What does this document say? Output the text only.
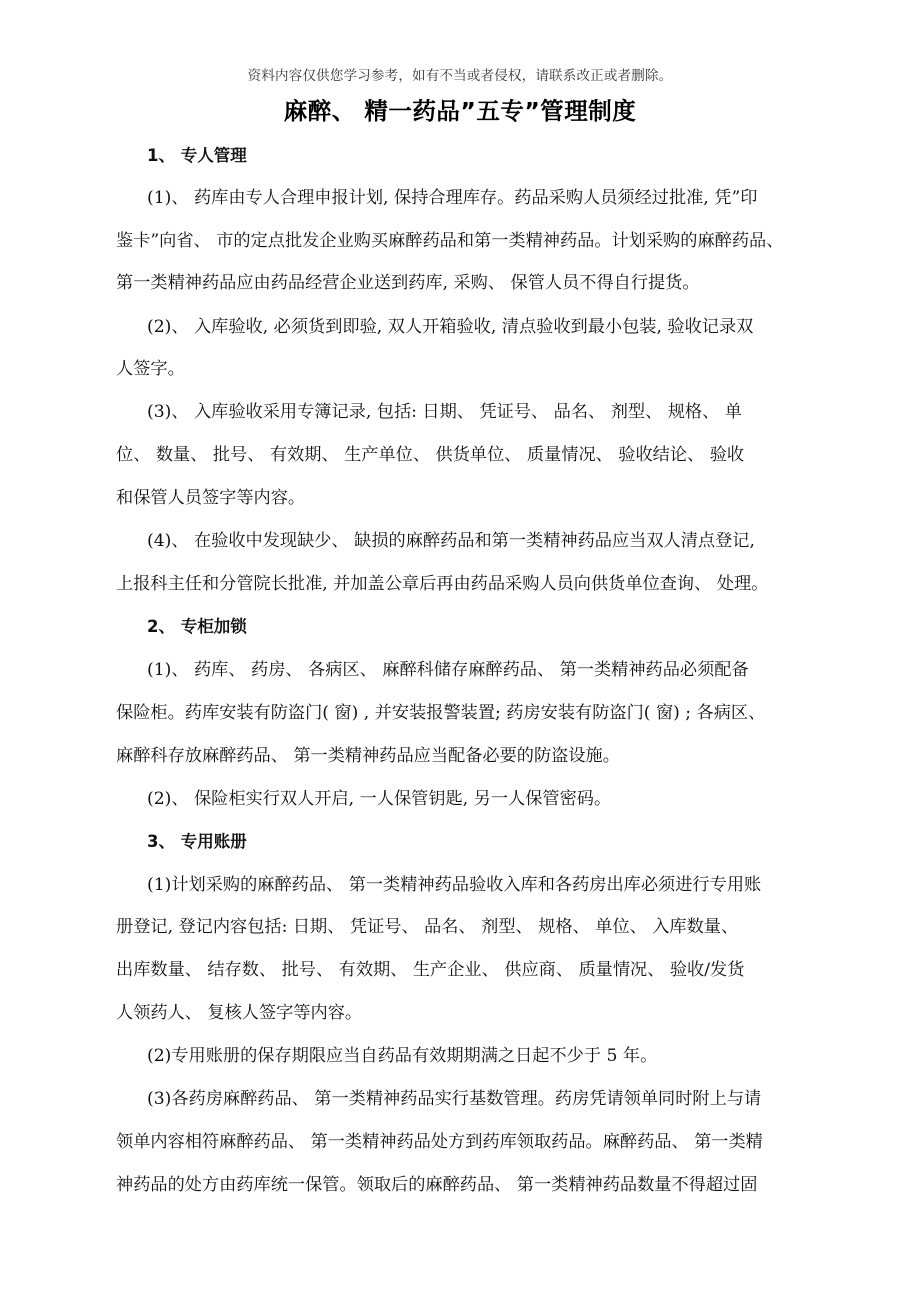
资料内容仅供您学习参考，如有不当或者侵权，请联系改正或者删除。
麻醉、 精一药品”五专”管理制度
1、 专人管理
(1)、 药库由专人合理申报计划, 保持合理库存。药品采购人员须经过批准, 凭”印
鉴卡”向省、 市的定点批发企业购买麻醉药品和第一类精神药品。计划采购的麻醉药品、
第一类精神药品应由药品经营企业送到药库, 采购、 保管人员不得自行提货。
(2)、 入库验收, 必须货到即验, 双人开箱验收, 清点验收到最小包装, 验收记录双
人签字。
(3)、 入库验收采用专簿记录, 包括: 日期、 凭证号、 品名、 剂型、 规格、 单
位、 数量、 批号、 有效期、 生产单位、 供货单位、 质量情况、 验收结论、 验收
和保管人员签字等内容。
(4)、 在验收中发现缺少、 缺损的麻醉药品和第一类精神药品应当双人清点登记,
上报科主任和分管院长批准, 并加盖公章后再由药品采购人员向供货单位查询、 处理。
2、 专柜加锁
(1)、 药库、 药房、 各病区、 麻醉科储存麻醉药品、 第一类精神药品必须配备
保险柜。药库安装有防盗门( 窗) , 并安装报警装置; 药房安装有防盗门( 窗) ; 各病区、
麻醉科存放麻醉药品、 第一类精神药品应当配备必要的防盗设施。
(2)、 保险柜实行双人开启, 一人保管钥匙, 另一人保管密码。
3、 专用账册
(1)计划采购的麻醉药品、 第一类精神药品验收入库和各药房出库必须进行专用账
册登记, 登记内容包括: 日期、 凭证号、 品名、 剂型、 规格、 单位、 入库数量、
出库数量、 结存数、 批号、 有效期、 生产企业、 供应商、 质量情况、 验收/发货
人领药人、 复核人签字等内容。
(2)专用账册的保存期限应当自药品有效期期满之日起不少于 5 年。
(3)各药房麻醉药品、 第一类精神药品实行基数管理。药房凭请领单同时附上与请
领单内容相符麻醉药品、 第一类精神药品处方到药库领取药品。麻醉药品、 第一类精
神药品的处方由药库统一保管。领取后的麻醉药品、 第一类精神药品数量不得超过固
